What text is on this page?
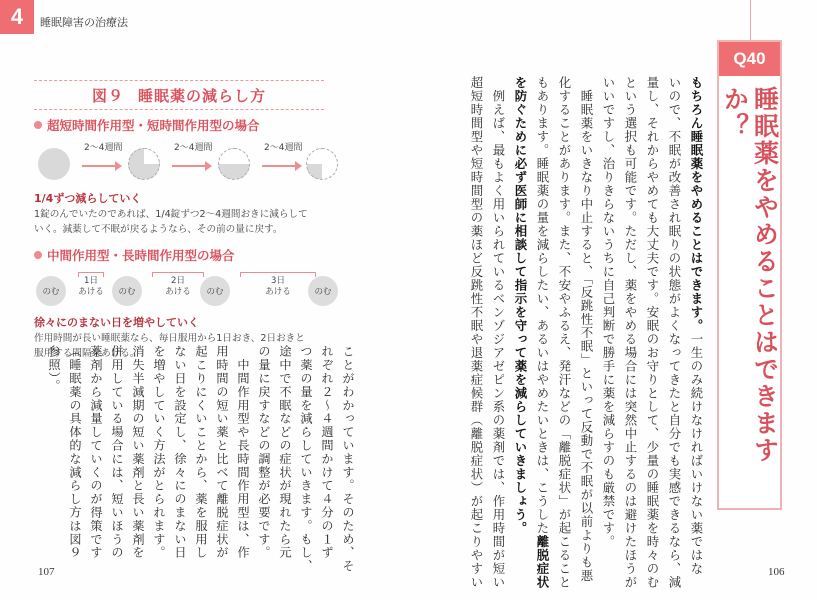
4	睡眠障害の治療法
図９ 睡眠薬の減らし方
超短時間作用型・短時間作用型の場合
2〜4週間	2〜4週間	2〜4週間
1/4ずつ減らしていく
1錠のんでいたのであれば、1/4錠ずつ2〜4週間おきに減らして
いく。減薬して不眠が戻るようなら、その前の量に戻す。
中間作用型・長時間作用型の場合
のむ
1日
あける	のむ
2日
あける	のむ
3日
あける	のむ
徐々にのまない日を増やしていく
作用時間が長い睡眠薬なら、毎日服用から1日おき、2日おきと
服用する間隔をあける。	ことがわかっています。そのため、そ
れぞれ２〜４週間かけて４分の１ず
つ薬の量を減らしていきます。もし、
途中で不眠などの症状が現れたら元
の量に戻すなどの調整が必要です。
　中間作用型や長時間作用型は、作
用時間の短い薬と比べて離脱症状が
起こりにくいことから、薬を服用し
ない日を設定し、徐々にのまない日
を増やしていく方法がとられます。
消失半減期の短い薬剤と長い薬剤を
併用している場合には、短いほうの
薬剤から減量していくのが得策です
（睡眠薬の具体的な減らし方は図９
参照）。
107
Q40
睡眠薬をやめることはできますか？
もちろん睡眠薬をやめることはできます。一生のみ続けなければいけない薬ではな
いので、不眠が改善され眠りの状態がよくなってきたと自分でも実感できるなら、減
量し、それからやめても大丈夫です。安眠のお守りとして、少量の睡眠薬を時々のむ
という選択も可能です。ただし、薬をやめる場合には突然中止するのは避けたほうが
いいですし、治りきらないうちに自己判断で勝手に薬を減らすのも厳禁です。
　睡眠薬をいきなり中止すると、「反跳性不眠」といって反動で不眠が以前よりも悪
化することがあります。また、不安やふるえ、発汗などの「離脱症状」が起こること
もあります。睡眠薬の量を減らしたい、あるいはやめたいときは、こうした離脱症状
を防ぐために必ず医師に相談して指示を守って薬を減らしていきましょう。
　例えば、最もよく用いられているベンゾジアゼピン系の薬剤では、作用時間が短い
超短時間型や短時間型の薬ほど反跳性不眠や退薬症候群（離脱症状）が起こりやすい	106
